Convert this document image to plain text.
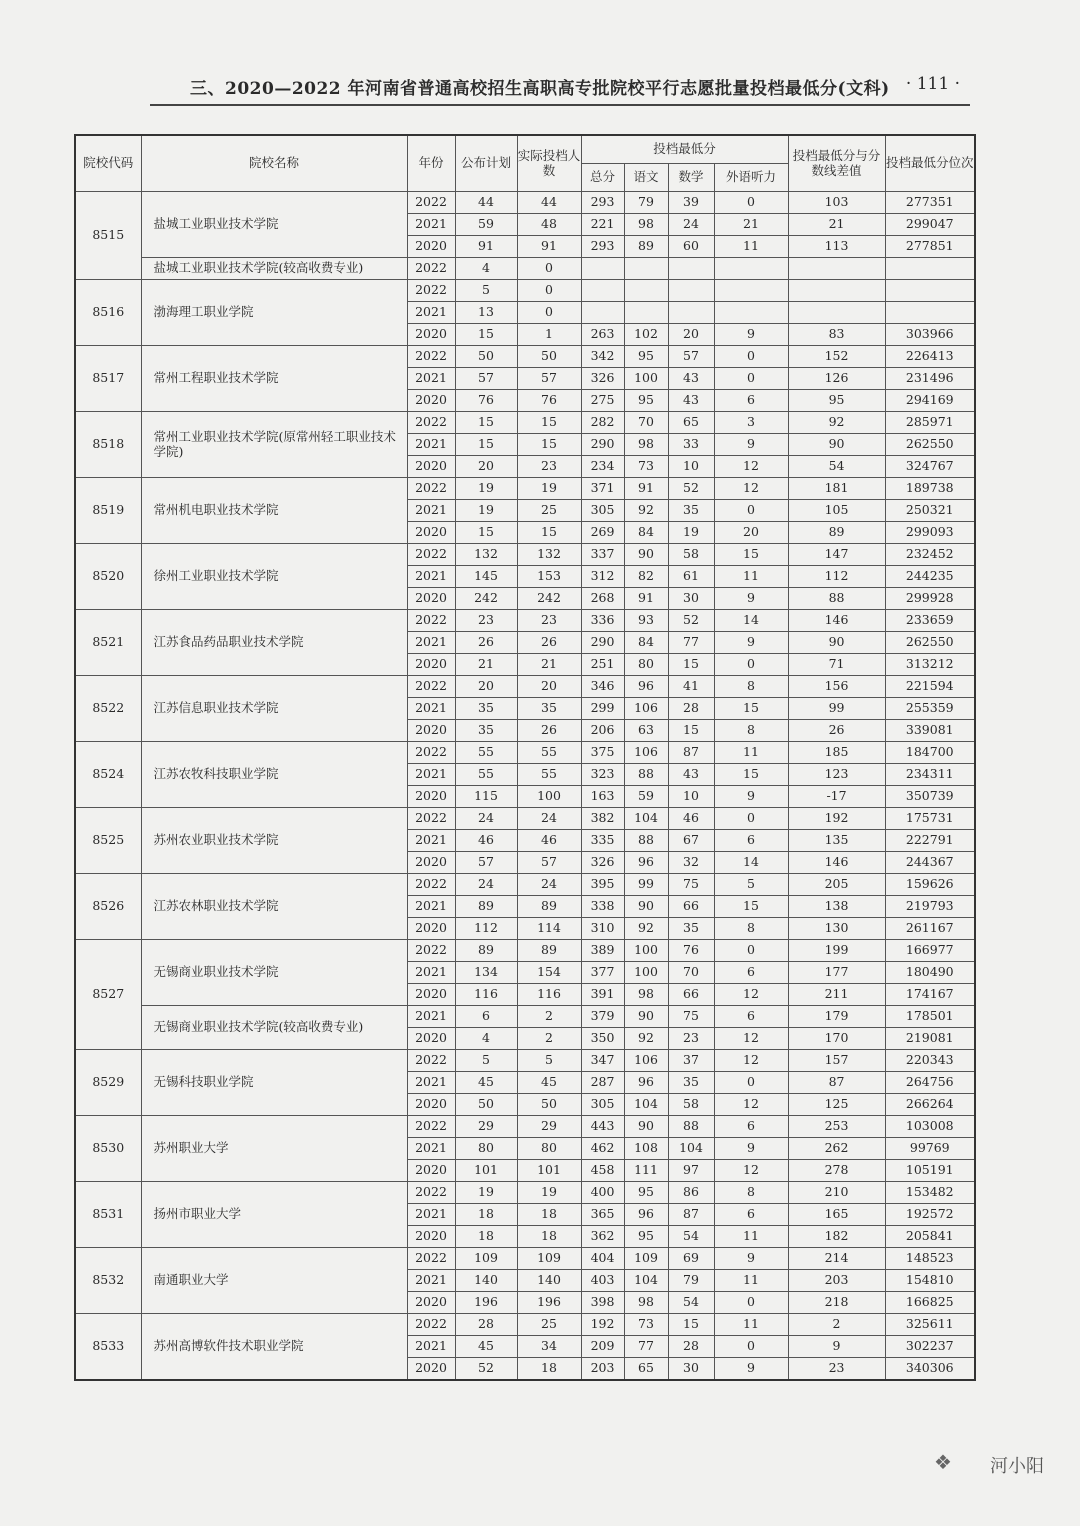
三、2020—2022 年河南省普通高校招生高职高专批院校平行志愿批量投档最低分(文科) · 111 ·
院校代码	院校名称	年份	公布计划	实际投档人数	投档最低分				投档最低分与分数线差值	投档最低分位次
					总分	语文	数学	外语听力		
8515	盐城工业职业技术学院	2022	44	44	293	79	39	0	103	277351
		2021	59	48	221	98	24	21	21	299047
		2020	91	91	293	89	60	11	113	277851
	盐城工业职业技术学院(较高收费专业)	2022	4	0						
8516	渤海理工职业学院	2022	5	0						
		2021	13	0						
		2020	15	1	263	102	20	9	83	303966
8517	常州工程职业技术学院	2022	50	50	342	95	57	0	152	226413
		2021	57	57	326	100	43	0	126	231496
		2020	76	76	275	95	43	6	95	294169
8518	常州工业职业技术学院(原常州轻工职业技术学院)	2022	15	15	282	70	65	3	92	285971
		2021	15	15	290	98	33	9	90	262550
		2020	20	23	234	73	10	12	54	324767
8519	常州机电职业技术学院	2022	19	19	371	91	52	12	181	189738
		2021	19	25	305	92	35	0	105	250321
		2020	15	15	269	84	19	20	89	299093
8520	徐州工业职业技术学院	2022	132	132	337	90	58	15	147	232452
		2021	145	153	312	82	61	11	112	244235
		2020	242	242	268	91	30	9	88	299928
8521	江苏食品药品职业技术学院	2022	23	23	336	93	52	14	146	233659
		2021	26	26	290	84	77	9	90	262550
		2020	21	21	251	80	15	0	71	313212
8522	江苏信息职业技术学院	2022	20	20	346	96	41	8	156	221594
		2021	35	35	299	106	28	15	99	255359
		2020	35	26	206	63	15	8	26	339081
8524	江苏农牧科技职业学院	2022	55	55	375	106	87	11	185	184700
		2021	55	55	323	88	43	15	123	234311
		2020	115	100	163	59	10	9	-17	350739
8525	苏州农业职业技术学院	2022	24	24	382	104	46	0	192	175731
		2021	46	46	335	88	67	6	135	222791
		2020	57	57	326	96	32	14	146	244367
8526	江苏农林职业技术学院	2022	24	24	395	99	75	5	205	159626
		2021	89	89	338	90	66	15	138	219793
		2020	112	114	310	92	35	8	130	261167
8527	无锡商业职业技术学院	2022	89	89	389	100	76	0	199	166977
		2021	134	154	377	100	70	6	177	180490
		2020	116	116	391	98	66	12	211	174167
	无锡商业职业技术学院(较高收费专业)	2021	6	2	379	90	75	6	179	178501
		2020	4	2	350	92	23	12	170	219081
8529	无锡科技职业学院	2022	5	5	347	106	37	12	157	220343
		2021	45	45	287	96	35	0	87	264756
		2020	50	50	305	104	58	12	125	266264
8530	苏州职业大学	2022	29	29	443	90	88	6	253	103008
		2021	80	80	462	108	104	9	262	99769
		2020	101	101	458	111	97	12	278	105191
8531	扬州市职业大学	2022	19	19	400	95	86	8	210	153482
		2021	18	18	365	96	87	6	165	192572
		2020	18	18	362	95	54	11	182	205841
8532	南通职业大学	2022	109	109	404	109	69	9	214	148523
		2021	140	140	403	104	79	11	203	154810
		2020	196	196	398	98	54	0	218	166825
8533	苏州高博软件技术职业学院	2022	28	25	192	73	15	11	2	325611
		2021	45	34	209	77	28	0	9	302237
		2020	52	18	203	65	30	9	23	340306
❖	河小阳
